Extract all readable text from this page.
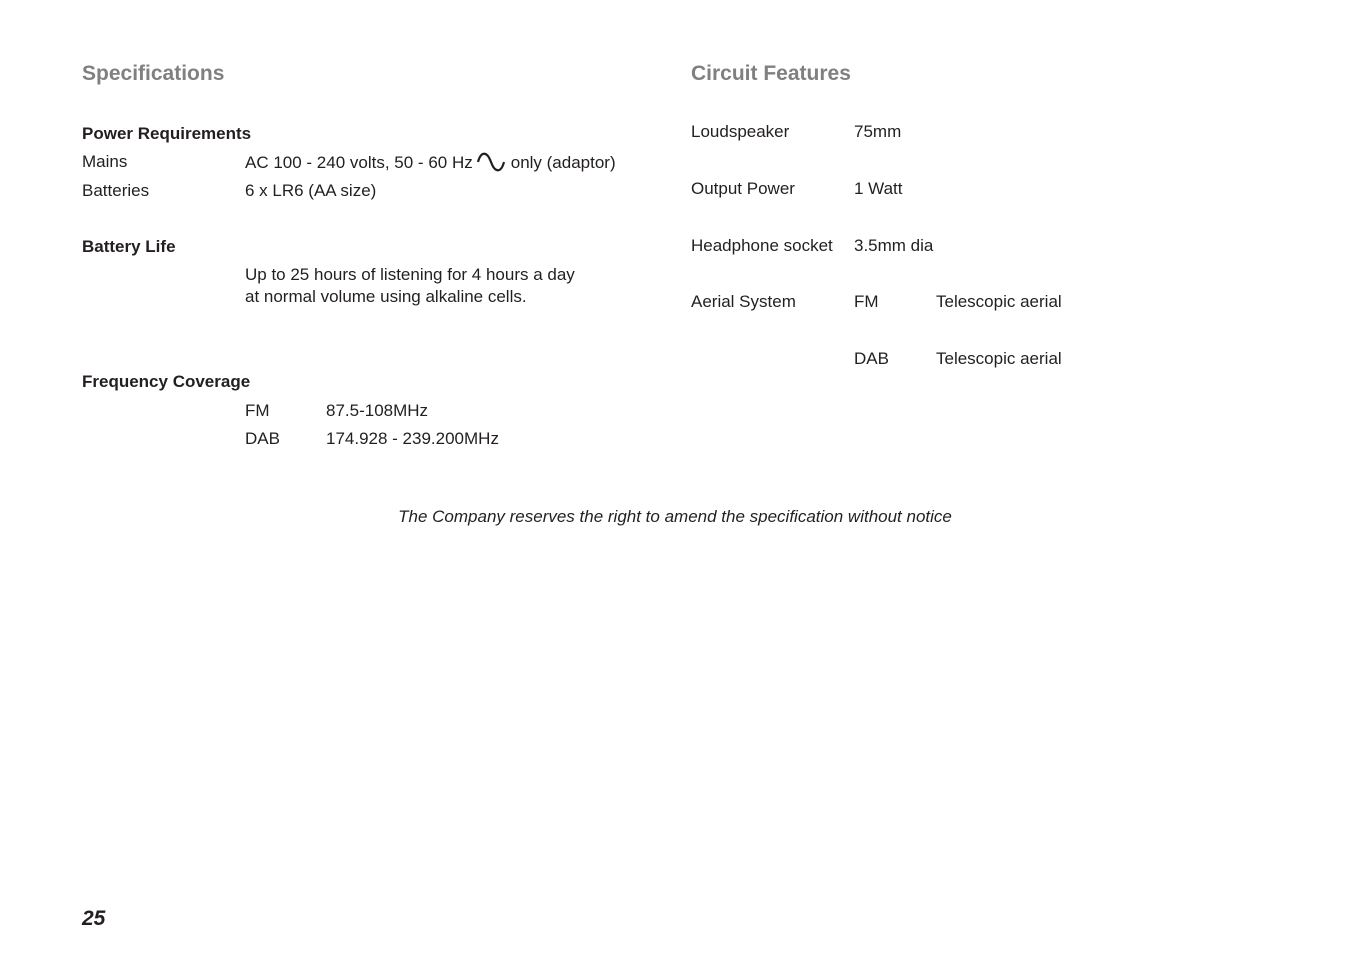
Specifications
Power Requirements
Mains	AC 100 - 240 volts, 50 - 60 Hz only (adaptor)
Batteries	6 x LR6 (AA size)
Battery Life
Up to 25 hours of listening for 4 hours a day
at normal volume using alkaline cells.
Frequency Coverage
FM	87.5-108MHz
DAB	174.928 - 239.200MHz
Circuit Features
Loudspeaker	75mm
Output Power	1 Watt
Headphone socket 3.5mm dia
Aerial System	FM	Telescopic aerial
DAB	Telescopic aerial
The Company reserves the right to amend the specification without notice
25
